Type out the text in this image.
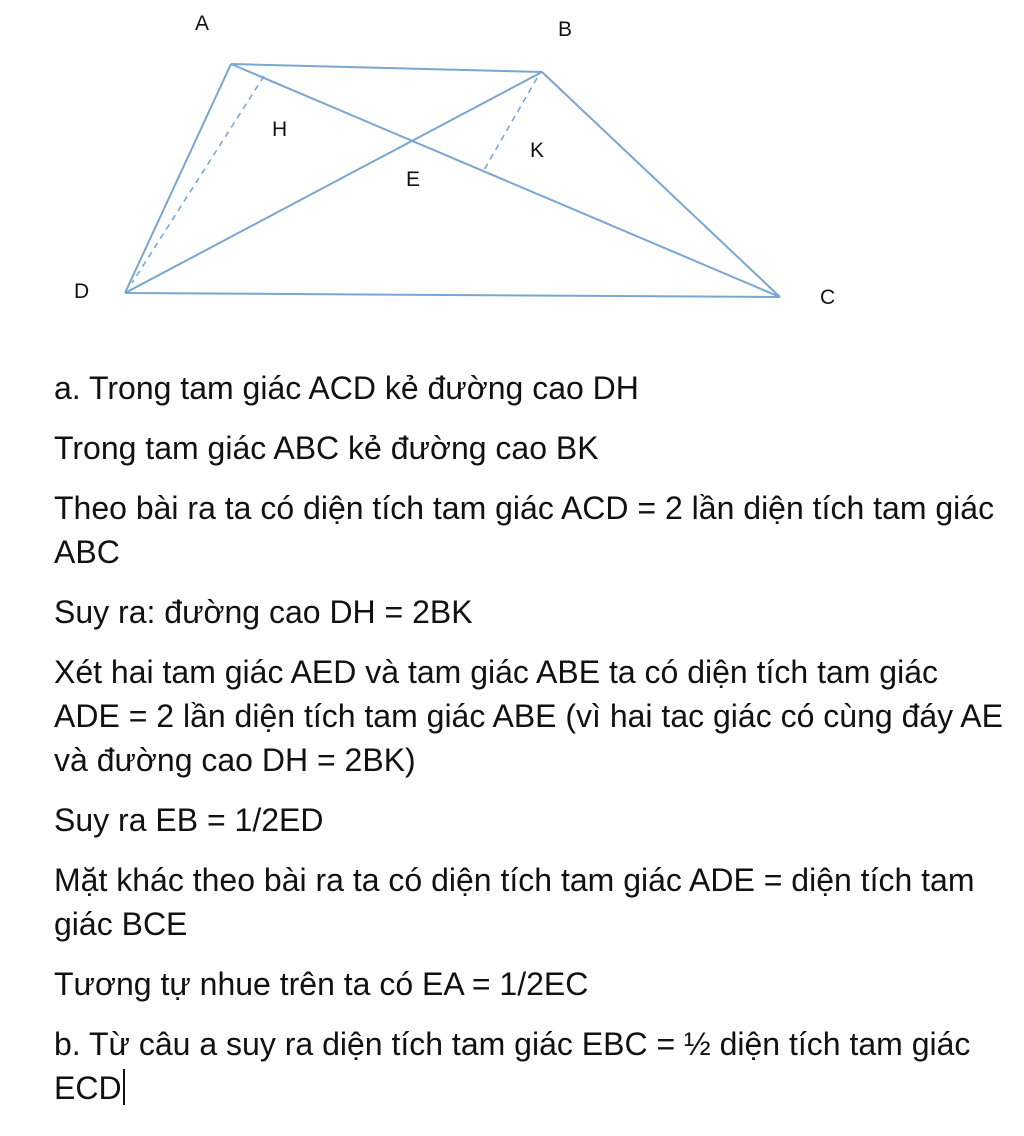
A	B
C
D
E
H
K

a. Trong tam giác ACD kẻ đường cao DH

Trong tam giác ABC kẻ đường cao BK

Theo bài ra ta có diện tích tam giác ACD = 2 lần diện tích tam giác ABC

Suy ra: đường cao DH = 2BK

Xét hai tam giác AED và tam giác ABE ta có diện tích tam giác ADE = 2 lần diện tích tam giác ABE (vì hai tac giác có cùng đáy AE và đường cao DH = 2BK)

Suy ra EB = 1/2ED

Mặt khác theo bài ra ta có diện tích tam giác ADE = diện tích tam giác BCE

Tương tự nhue trên ta có EA = 1/2EC

b. Từ câu a suy ra diện tích tam giác EBC = ½ diện tích tam giác ECD
